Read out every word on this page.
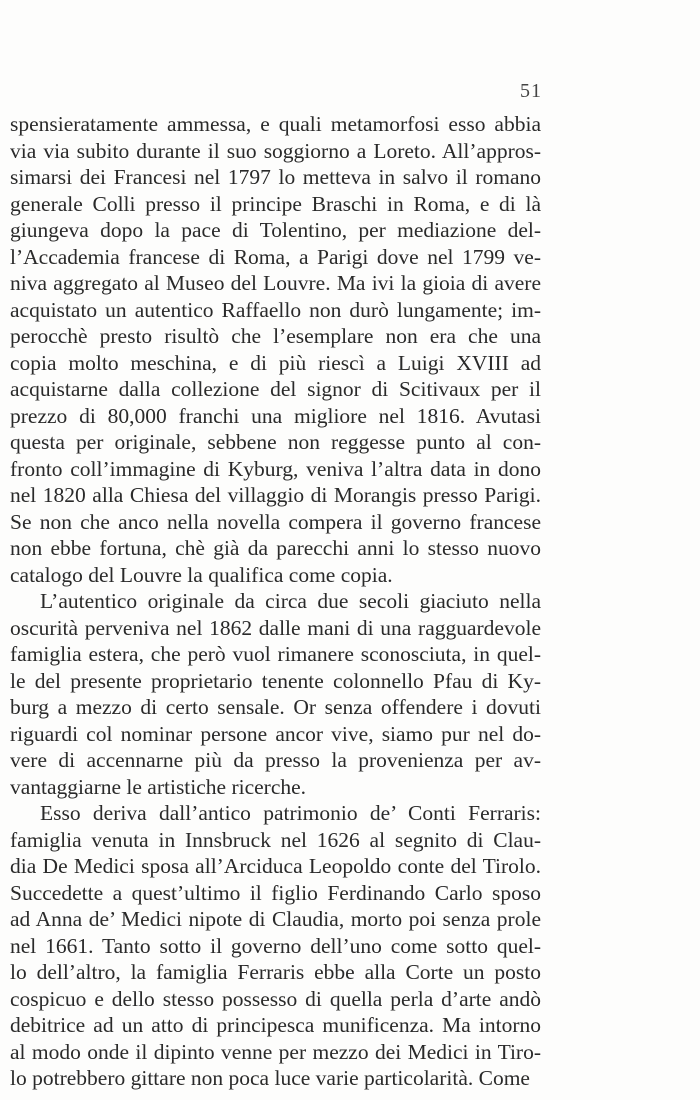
51
spensieratamente ammessa, e quali metamorfosi esso abbia
via via subito durante il suo soggiorno a Loreto. All’appros-
simarsi dei Francesi nel 1797 lo metteva in salvo il romano
generale Colli presso il principe Braschi in Roma, e di là
giungeva dopo la pace di Tolentino, per mediazione del-
l’Accademia francese di Roma, a Parigi dove nel 1799 ve-
niva aggregato al Museo del Louvre. Ma ivi la gioia di avere
acquistato un autentico Raffaello non durò lungamente; im-
perocchè presto risultò che l’esemplare non era che una
copia molto meschina, e di più riescì a Luigi XVIII ad
acquistarne dalla collezione del signor di Scitivaux per il
prezzo di 80,000 franchi una migliore nel 1816. Avutasi
questa per originale, sebbene non reggesse punto al con-
fronto coll’immagine di Kyburg, veniva l’altra data in dono
nel 1820 alla Chiesa del villaggio di Morangis presso Parigi.
Se non che anco nella novella compera il governo francese
non ebbe fortuna, chè già da parecchi anni lo stesso nuovo
catalogo del Louvre la qualifica come copia.
L’autentico originale da circa due secoli giaciuto nella
oscurità perveniva nel 1862 dalle mani di una ragguardevole
famiglia estera, che però vuol rimanere sconosciuta, in quel-
le del presente proprietario tenente colonnello Pfau di Ky-
burg a mezzo di certo sensale. Or senza offendere i dovuti
riguardi col nominar persone ancor vive, siamo pur nel do-
vere di accennarne più da presso la provenienza per av-
vantaggiarne le artistiche ricerche.
Esso deriva dall’antico patrimonio de’ Conti Ferraris:
famiglia venuta in Innsbruck nel 1626 al segnito di Clau-
dia De Medici sposa all’Arciduca Leopoldo conte del Tirolo.
Succedette a quest’ultimo il figlio Ferdinando Carlo sposo
ad Anna de’ Medici nipote di Claudia, morto poi senza prole
nel 1661. Tanto sotto il governo dell’uno come sotto quel-
lo dell’altro, la famiglia Ferraris ebbe alla Corte un posto
cospicuo e dello stesso possesso di quella perla d’arte andò
debitrice ad un atto di principesca munificenza. Ma intorno
al modo onde il dipinto venne per mezzo dei Medici in Tiro-
lo potrebbero gittare non poca luce varie particolarità. Come
